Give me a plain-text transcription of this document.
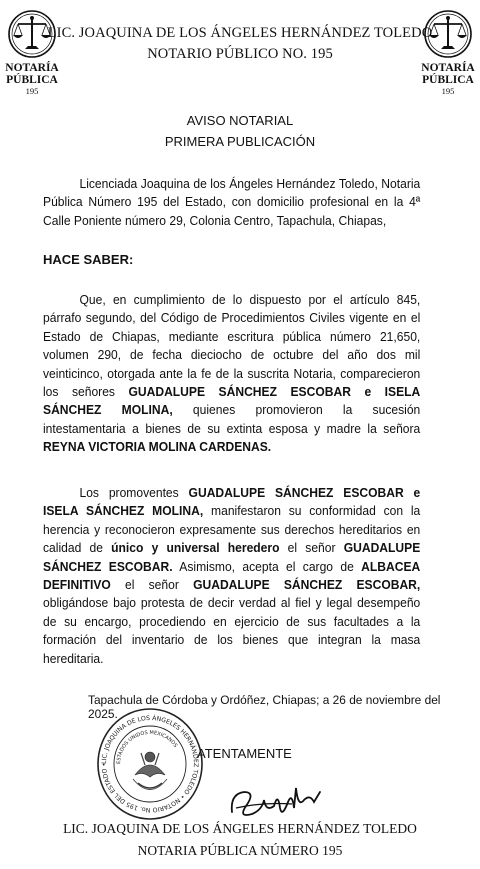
NOTARÍA
PÚBLICA
195
NOTARÍA
PÚBLICA
195
LIC. JOAQUINA DE LOS ÁNGELES HERNÁNDEZ TOLEDO
NOTARIO PÚBLICO NO. 195
AVISO NOTARIAL
PRIMERA PUBLICACIÓN
Licenciada Joaquina de los Ángeles Hernández Toledo, Notaria Pública Número 195 del Estado, con domicilio profesional en la 4ª Calle Poniente número 29, Colonia Centro, Tapachula, Chiapas,
HACE SABER:
Que, en cumplimiento de lo dispuesto por el artículo 845, párrafo segundo, del Código de Procedimientos Civiles vigente en el Estado de Chiapas, mediante escritura pública número 21,650, volumen 290, de fecha dieciocho de octubre del año dos mil veinticinco, otorgada ante la fe de la suscrita Notaria, comparecieron los señores GUADALUPE SÁNCHEZ ESCOBAR e ISELA SÁNCHEZ MOLINA, quienes promovieron la sucesión intestamentaria a bienes de su extinta esposa y madre la señora REYNA VICTORIA MOLINA CARDENAS.
Los promoventes GUADALUPE SÁNCHEZ ESCOBAR e ISELA SÁNCHEZ MOLINA, manifestaron su conformidad con la herencia y reconocieron expresamente sus derechos hereditarios en calidad de único y universal heredero el señor GUADALUPE SÁNCHEZ ESCOBAR. Asimismo, acepta el cargo de ALBACEA DEFINITIVO el señor GUADALUPE SÁNCHEZ ESCOBAR, obligándose bajo protesta de decir verdad al fiel y legal desempeño de su encargo, procediendo en ejercicio de sus facultades a la formación del inventario de los bienes que integran la masa hereditaria.
Tapachula de Córdoba y Ordóñez, Chiapas; a 26 de noviembre del 2025.
LIC. JOAQUINA DE LOS ÁNGELES HERNÁNDEZ TOLEDO • NOTARIO No. 195 DEL ESTADO •
ESTADOS UNIDOS MEXICANOS
ATENTAMENTE
LIC. JOAQUINA DE LOS ÁNGELES HERNÁNDEZ TOLEDO
NOTARIA PÚBLICA NÚMERO 195
